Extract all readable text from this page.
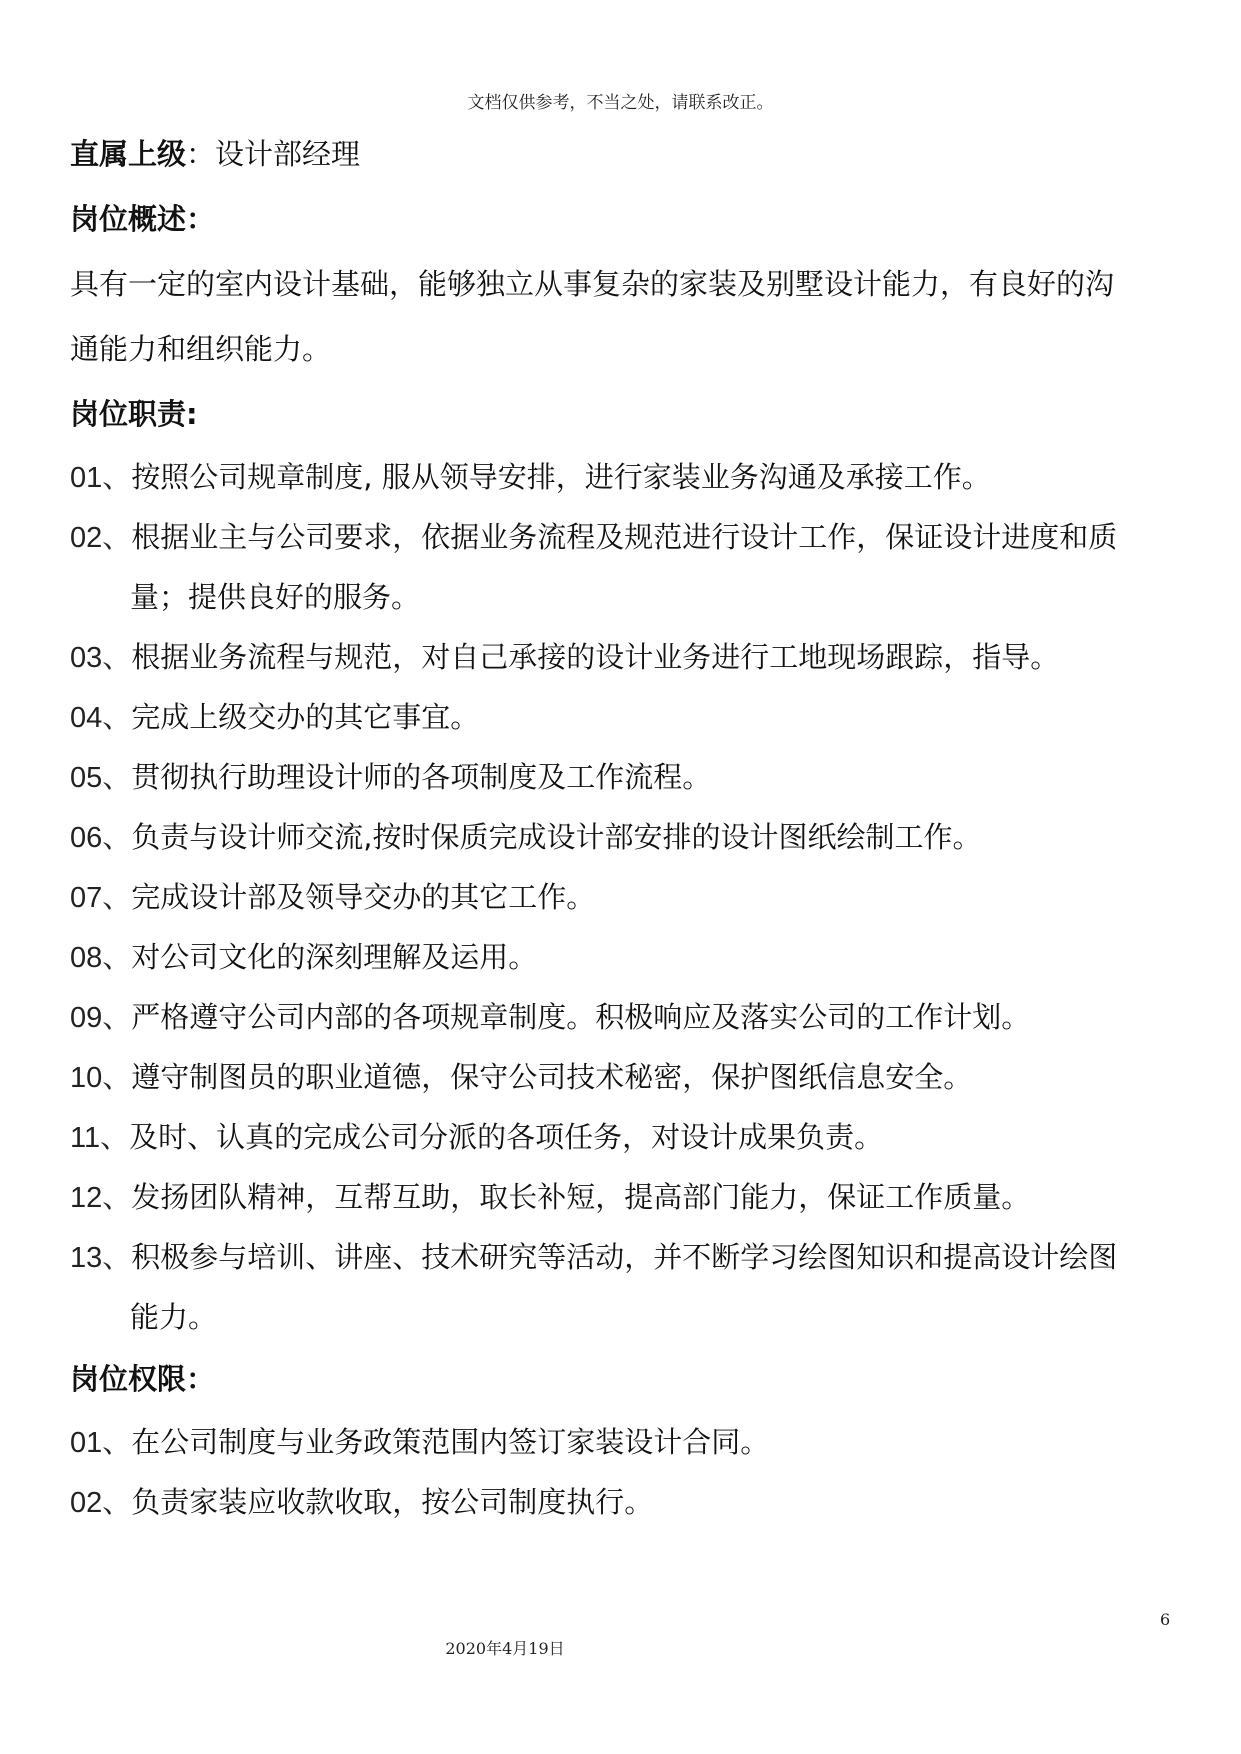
文档仅供参考，不当之处，请联系改正。
直属上级：设计部经理
岗位概述：
具有一定的室内设计基础，能够独立从事复杂的家装及别墅设计能力，有良好的沟
通能力和组织能力。
岗位职责:
01、按照公司规章制度, 服从领导安排，进行家装业务沟通及承接工作。
02、根据业主与公司要求，依据业务流程及规范进行设计工作，保证设计进度和质
量；提供良好的服务。
03、根据业务流程与规范，对自己承接的设计业务进行工地现场跟踪，指导。
04、完成上级交办的其它事宜。
05、贯彻执行助理设计师的各项制度及工作流程。
06、负责与设计师交流,按时保质完成设计部安排的设计图纸绘制工作。
07、完成设计部及领导交办的其它工作。
08、对公司文化的深刻理解及运用。
09、严格遵守公司内部的各项规章制度。积极响应及落实公司的工作计划。
10、遵守制图员的职业道德，保守公司技术秘密，保护图纸信息安全。
11、及时、认真的完成公司分派的各项任务，对设计成果负责。
12、发扬团队精神，互帮互助，取长补短，提高部门能力，保证工作质量。
13、积极参与培训、讲座、技术研究等活动，并不断学习绘图知识和提高设计绘图
能力。
岗位权限：
01、在公司制度与业务政策范围内签订家装设计合同。
02、负责家装应收款收取，按公司制度执行。
6
2020年4月19日
